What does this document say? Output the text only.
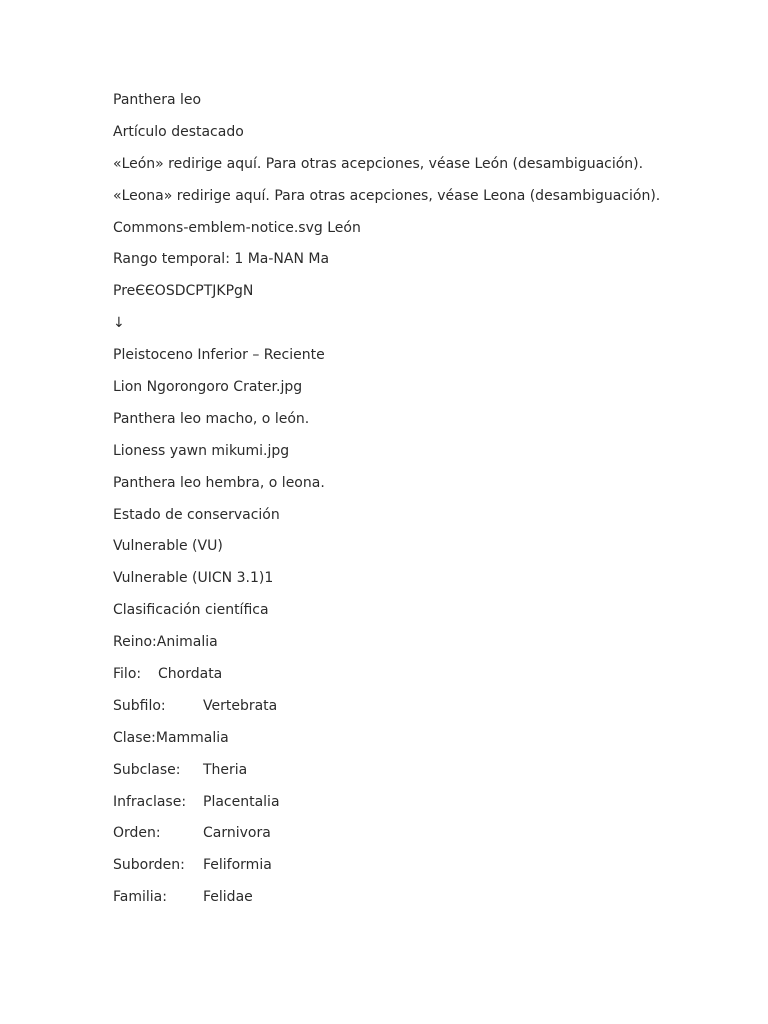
Panthera leo
Artículo destacado
«León» redirige aquí. Para otras acepciones, véase León (desambiguación).
«Leona» redirige aquí. Para otras acepciones, véase Leona (desambiguación).
Commons-emblem-notice.svg León
Rango temporal: 1 Ma-NAN Ma
PreЄЄOSDCPTJKPgN
↓
Pleistoceno Inferior – Reciente
Lion Ngorongoro Crater.jpg
Panthera leo macho, o león.
Lioness yawn mikumi.jpg
Panthera leo hembra, o leona.
Estado de conservación
Vulnerable (VU)
Vulnerable (UICN 3.1)1
Clasificación científica
Reino:Animalia
Filo: Chordata
Subfilo:	Vertebrata
Clase:Mammalia
Subclase: Theria
Infraclase: Placentalia
Orden:	Carnivora
Suborden: Feliformia
Familia:	Felidae
